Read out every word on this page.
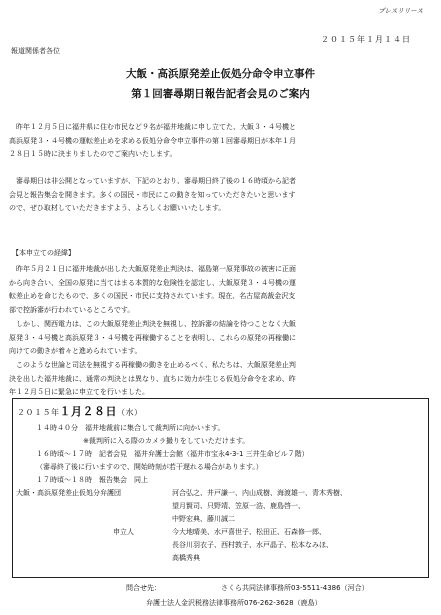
プレスリリース
２０１５年１月１４日
報道関係者各位
大飯・高浜原発差止仮処分命令申立事件
第１回審尋期日報告記者会見のご案内
　昨年１２月５日に福井県に住む市民など９名が福井地裁に申し立てた、大飯３・４号機と
高浜原発３・４号機の運転差止めを求める仮処分命令申立事件の第１回審尋期日が本年１月
２８日１５時に決まりましたのでご案内いたします。
　審尋期日は非公開となっていますが、下記のとおり、審尋期日終了後の１６時頃から記者
会見と報告集会を開きます。多くの国民・市民にこの動きを知っていただきたいと思います
ので、ぜひ取材していただきますよう、よろしくお願いいたします。
【本申立ての経緯】
　昨年５月２１日に福井地裁が出した大飯原発差止判決は、福島第一原発事故の被害に正面
から向き合い、全国の原発に当てはまる本質的な危険性を認定し、大飯原発３・４号機の運
転差止めを命じたもので、多くの国民・市民に支持されています。現在、名古屋高裁金沢支
部で控訴審が行われているところです。
　しかし、関西電力は、この大飯原発差止判決を無視し、控訴審の結論を待つことなく大飯
原発３・４号機と高浜原発３・４号機を再稼働することを表明し、これらの原発の再稼働に
向けての動きが着々と進められています。
　このような世論と司法を無視する再稼働の動きを止めるべく、私たちは、大飯原発差止判
決を出した福井地裁に、通常の判決とは異なり、直ちに効力が生じる仮処分命令を求め、昨
年１２月５日に緊急に申立てを行いました。
２０１５年１月２８日（水）
１４時４０分　福井地裁前に集合して裁判所に向かいます。
※裁判所に入る際のカメラ撮りをしていただけます。
１６時頃～１７時　記者会見　福井弁護士会館（福井市宝永4-3-1 三井生命ビル７階）
（審尋終了後に行いますので、開始時刻が若干遅れる場合があります。）
１７時頃～１８時　報告集会　同上
大飯・高浜原発差止仮処分弁護団	河合弘之、井戸謙一、内山成樹、海渡雄一、青木秀樹、
望月賢司、只野靖、笠原一浩、鹿島啓一、
中野宏典、藤川誠二
申立人	今大地晴美、水戸喜世子、松田正、石森修一郎、
長谷川羽衣子、西村敦子、水戸晶子、松本なみほ、
高橋秀典
問合せ先：	さくら共同法律事務所03-5511-4386（河合）
弁護士法人金沢税務法律事務所076-262-3628（鹿島）
